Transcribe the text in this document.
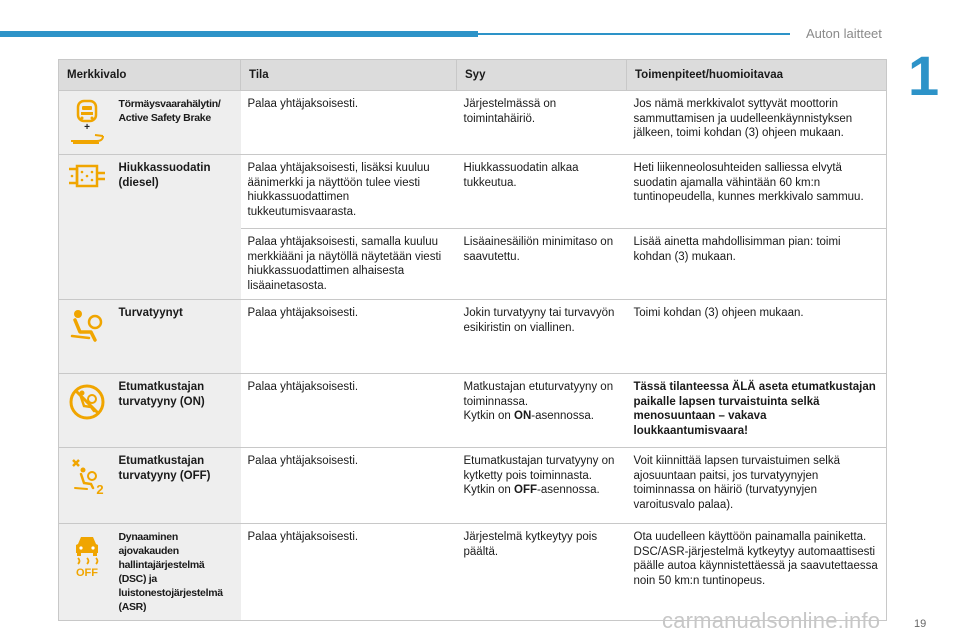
Auton laitteet
1
Merkkivalo		Tila	Syy	Toimenpiteet/huomioitavaa

+	Törmäysvaarahälytin/ Active Safety Brake	Palaa yhtäjaksoisesti.	Järjestelmässä on toimintahäiriö.	Jos nämä merkkivalot syttyvät moottorin sammuttamisen ja uudelleenkäynnistyksen jälkeen, toimi kohdan (3) ohjeen mukaan.

	Hiukkassuodatin (diesel)	Palaa yhtäjaksoisesti, lisäksi kuuluu äänimerkki ja näyttöön tulee viesti hiukkassuodattimen tukkeutumisvaarasta.	Hiukkassuodatin alkaa tukkeutua.	Heti liikenneolosuhteiden salliessa elvytä suodatin ajamalla vähintään 60 km:n tuntinopeudella, kunnes merkkivalo sammuu.
		Palaa yhtäjaksoisesti, samalla kuuluu merkkiääni ja näytöllä näytetään viesti hiukkassuodattimen alhaisesta lisäainetasosta.	Lisäainesäiliön minimitaso on saavutettu.	Lisää ainetta mahdollisimman pian: toimi kohdan (3) mukaan.

	Turvatyynyt	Palaa yhtäjaksoisesti.	Jokin turvatyyny tai turvavyön esikiristin on viallinen.	Toimi kohdan (3) ohjeen mukaan.

	Etumatkustajan turvatyyny (ON)	Palaa yhtäjaksoisesti.	Matkustajan etuturvatyyny on toiminnassa.
Kytkin on ON-asennossa.	Tässä tilanteessa ÄLÄ aseta etumatkustajan paikalle lapsen turvaistuinta selkä menosuuntaan – vakava loukkaantumisvaara!

2	Etumatkustajan turvatyyny (OFF)	Palaa yhtäjaksoisesti.	Etumatkustajan turvatyyny on kytketty pois toiminnasta.
Kytkin on OFF-asennossa.	Voit kiinnittää lapsen turvaistuimen selkä ajosuuntaan paitsi, jos turvatyynyjen toiminnassa on häiriö (turvatyynyjen varoitusvalo palaa).

OFF	Dynaaminen ajovakauden hallintajärjestelmä (DSC) ja luistonestojärjestelmä (ASR)	Palaa yhtäjaksoisesti.	Järjestelmä kytkeytyy pois päältä.	Ota uudelleen käyttöön painamalla painiketta.
DSC/ASR-järjestelmä kytkeytyy automaattisesti päälle autoa käynnistettäessä ja saavutettaessa noin 50 km:n tuntinopeus.
carmanualsonline.info	19
